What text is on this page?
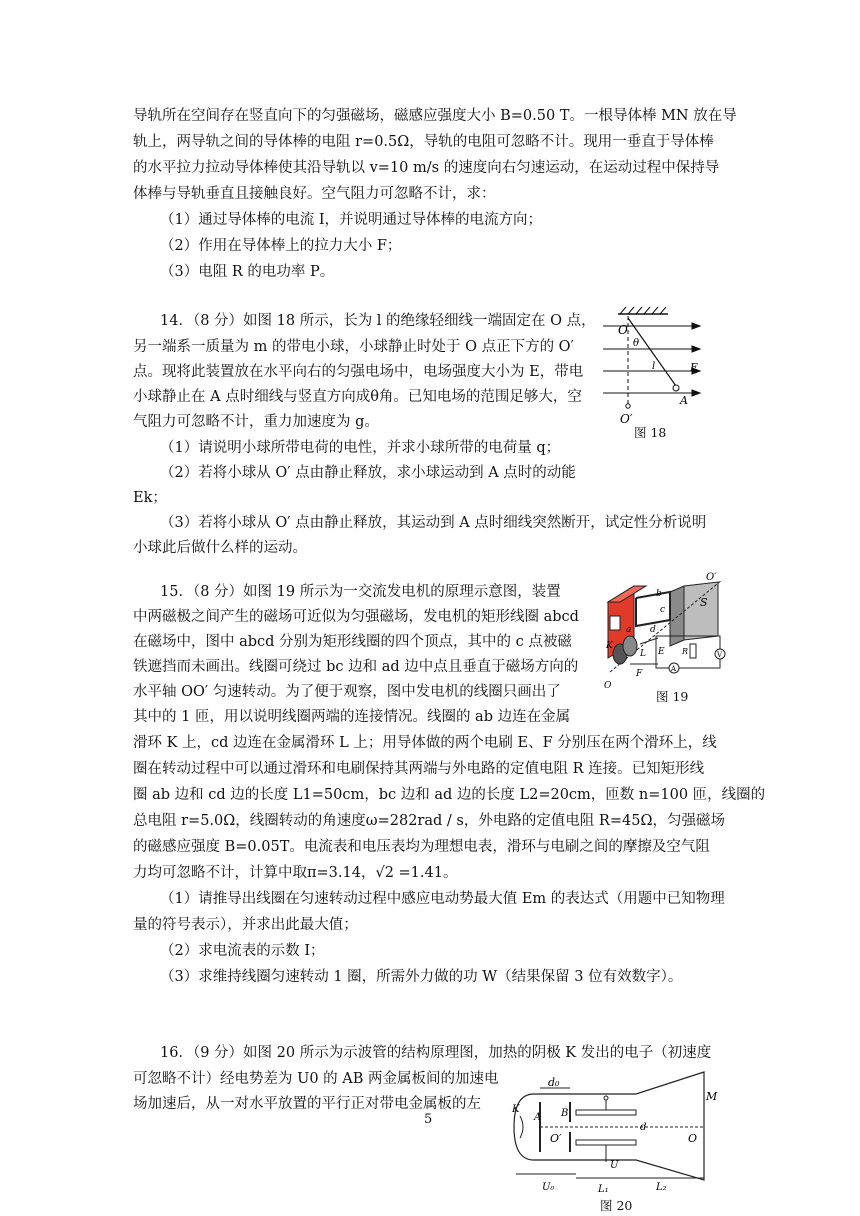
导轨所在空间存在竖直向下的匀强磁场，磁感应强度大小 B=0.50 T。一根导体棒 MN 放在导
轨上，两导轨之间的导体棒的电阻 r=0.5Ω，导轨的电阻可忽略不计。现用一垂直于导体棒
的水平拉力拉动导体棒使其沿导轨以 v=10 m/s 的速度向右匀速运动，在运动过程中保持导
体棒与导轨垂直且接触良好。空气阻力可忽略不计，求：
（1）通过导体棒的电流 I，并说明通过导体棒的电流方向；
（2）作用在导体棒上的拉力大小 F；
（3）电阻 R 的电功率 P。
14．（8 分）如图 18 所示，长为 l 的绝缘轻细线一端固定在 O 点，
另一端系一质量为 m 的带电小球，小球静止时处于 O 点正下方的 O′
点。现将此装置放在水平向右的匀强电场中，电场强度大小为 E，带电
小球静止在 A 点时细线与竖直方向成θ角。已知电场的范围足够大，空
气阻力可忽略不计，重力加速度为 g。
（1）请说明小球所带电荷的电性，并求小球所带的电荷量 q；
（2）若将小球从 O′ 点由静止释放，求小球运动到 A 点时的动能
Ek；
（3）若将小球从 O′ 点由静止释放，其运动到 A 点时细线突然断开，试定性分析说明
小球此后做什么样的运动。
O
θ
l	E
A
O′
图 18
15．（8 分）如图 19 所示为一交流发电机的原理示意图，装置
中两磁极之间产生的磁场可近似为匀强磁场，发电机的矩形线圈 abcd
在磁场中，图中 abcd 分别为矩形线圈的四个顶点，其中的 c 点被磁
铁遮挡而未画出。线圈可绕过 bc 边和 ad 边中点且垂直于磁场方向的
水平轴 OO′ 匀速转动。为了便于观察，图中发电机的线圈只画出了
其中的 1 匝，用以说明线圈两端的连接情况。线圈的 ab 边连在金属
滑环 K 上，cd 边连在金属滑环 L 上；用导体做的两个电刷 E、F 分别压在两个滑环上，线
圈在转动过程中可以通过滑环和电刷保持其两端与外电路的定值电阻 R 连接。已知矩形线
圈 ab 边和 cd 边的长度 L1=50cm，bc 边和 ad 边的长度 L2=20cm，匝数 n=100 匝，线圈的
总电阻 r=5.0Ω，线圈转动的角速度ω=282rad / s，外电路的定值电阻 R=45Ω，匀强磁场
的磁感应强度 B=0.05T。电流表和电压表均为理想电表，滑环与电刷之间的摩擦及空气阻
力均可忽略不计，计算中取π=3.14，√2 =1.41。
（1）请推导出线圈在匀速转动过程中感应电动势最大值 Em 的表达式（用题中已知物理
量的符号表示），并求出此最大值；
（2）求电流表的示数 I；
（3）求维持线圈匀速转动 1 圈，所需外力做的功 W（结果保留 3 位有效数字）。
S
O′
b
d
c
K
L
a
E
F
R
A
V
O
图 19
16．（9 分）如图 20 所示为示波管的结构原理图，加热的阴极 K 发出的电子（初速度
可忽略不计）经电势差为 U0 的 AB 两金属板间的加速电
场加速后，从一对水平放置的平行正对带电金属板的左
d₀
M
K
A B
d
O′	O
U
U₀	L₁	L₂
图 20
5
